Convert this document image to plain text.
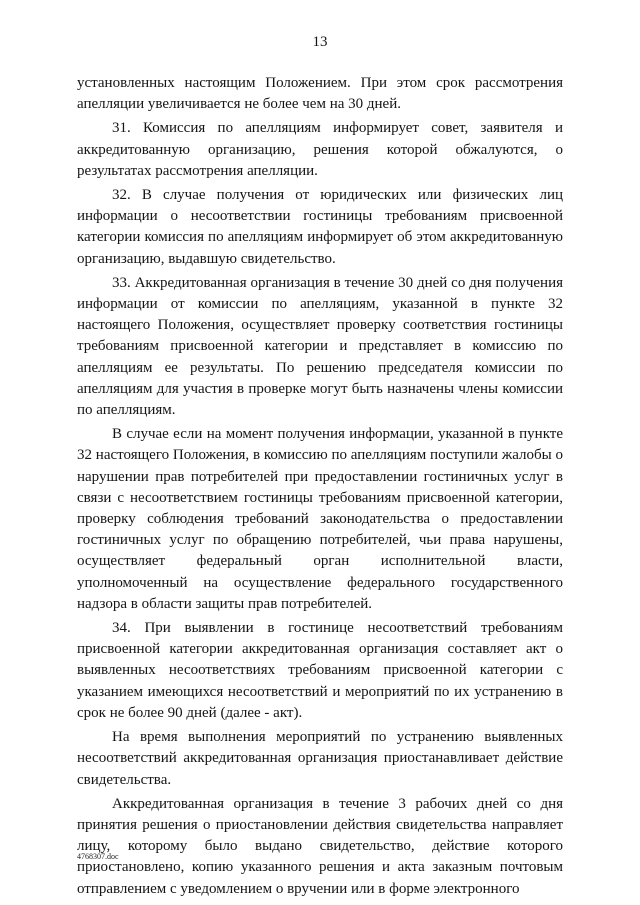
13

установленных настоящим Положением. При этом срок рассмотрения апелляции увеличивается не более чем на 30 дней.

31. Комиссия по апелляциям информирует совет, заявителя и аккредитованную организацию, решения которой обжалуются, о результатах рассмотрения апелляции.

32. В случае получения от юридических или физических лиц информации о несоответствии гостиницы требованиям присвоенной категории комиссия по апелляциям информирует об этом аккредитованную организацию, выдавшую свидетельство.

33. Аккредитованная организация в течение 30 дней со дня получения информации от комиссии по апелляциям, указанной в пункте 32 настоящего Положения, осуществляет проверку соответствия гостиницы требованиям присвоенной категории и представляет в комиссию по апелляциям ее результаты. По решению председателя комиссии по апелляциям для участия в проверке могут быть назначены члены комиссии по апелляциям.

В случае если на момент получения информации, указанной в пункте 32 настоящего Положения, в комиссию по апелляциям поступили жалобы о нарушении прав потребителей при предоставлении гостиничных услуг в связи с несоответствием гостиницы требованиям присвоенной категории, проверку соблюдения требований законодательства о предоставлении гостиничных услуг по обращению потребителей, чьи права нарушены, осуществляет федеральный орган исполнительной власти, уполномоченный на осуществление федерального государственного надзора в области защиты прав потребителей.

34. При выявлении в гостинице несоответствий требованиям присвоенной категории аккредитованная организация составляет акт о выявленных несоответствиях требованиям присвоенной категории с указанием имеющихся несоответствий и мероприятий по их устранению в срок не более 90 дней (далее - акт).

На время выполнения мероприятий по устранению выявленных несоответствий аккредитованная организация приостанавливает действие свидетельства.

Аккредитованная организация в течение 3 рабочих дней со дня принятия решения о приостановлении действия свидетельства направляет лицу, которому было выдано свидетельство, действие которого приостановлено, копию указанного решения и акта заказным почтовым отправлением с уведомлением о вручении или в форме электронного

4768307.doc
